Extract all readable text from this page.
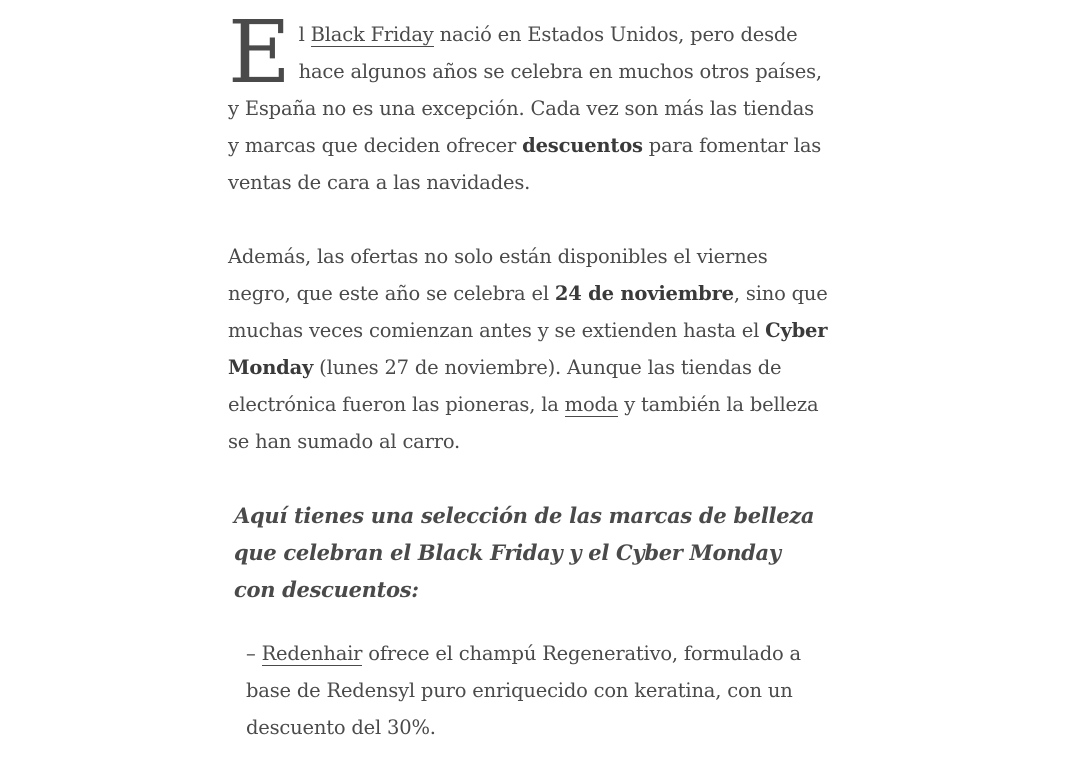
El Black Friday nació en Estados Unidos, pero desde hace algunos años se celebra en muchos otros países, y España no es una excepción. Cada vez son más las tiendas y marcas que deciden ofrecer descuentos para fomentar las ventas de cara a las navidades.

Además, las ofertas no solo están disponibles el viernes negro, que este año se celebra el 24 de noviembre, sino que muchas veces comienzan antes y se extienden hasta el Cyber Monday (lunes 27 de noviembre). Aunque las tiendas de electrónica fueron las pioneras, la moda y también la belleza se han sumado al carro.

Aquí tienes una selección de las marcas de belleza que celebran el Black Friday y el Cyber Monday con descuentos:

– Redenhair ofrece el champú Regenerativo, formulado a base de Redensyl puro enriquecido con keratina, con un descuento del 30%.
